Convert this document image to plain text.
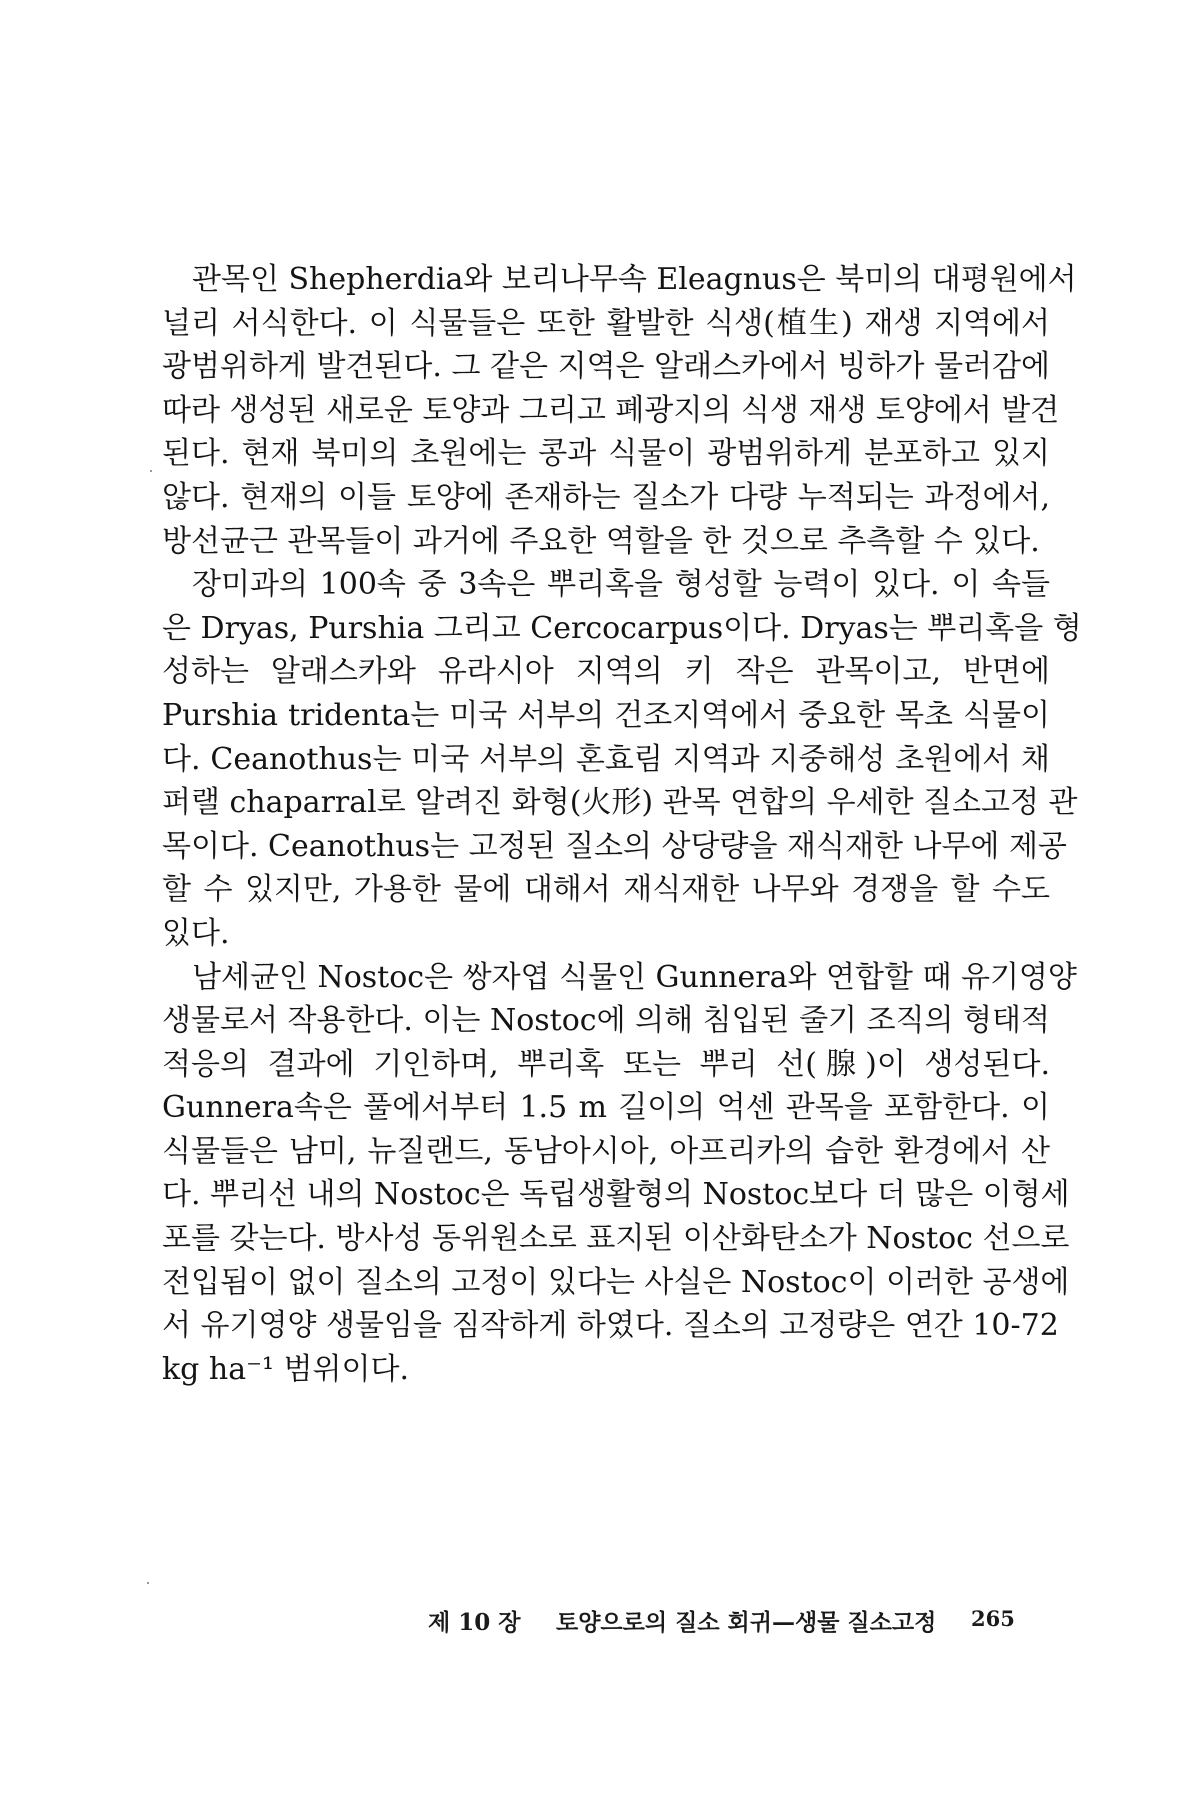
관목인 Shepherdia와 보리나무속 Eleagnus은 북미의 대평원에서
널리 서식한다. 이 식물들은 또한 활발한 식생(植生) 재생 지역에서
광범위하게 발견된다. 그 같은 지역은 알래스카에서 빙하가 물러감에
따라 생성된 새로운 토양과 그리고 폐광지의 식생 재생 토양에서 발견
된다. 현재 북미의 초원에는 콩과 식물이 광범위하게 분포하고 있지
않다. 현재의 이들 토양에 존재하는 질소가 다량 누적되는 과정에서,
방선균근 관목들이 과거에 주요한 역할을 한 것으로 추측할 수 있다.

장미과의 100속 중 3속은 뿌리혹을 형성할 능력이 있다. 이 속들
은 Dryas, Purshia 그리고 Cercocarpus이다. Dryas는 뿌리혹을 형
성하는 알래스카와 유라시아 지역의 키 작은 관목이고, 반면에
Purshia tridenta는 미국 서부의 건조지역에서 중요한 목초 식물이
다. Ceanothus는 미국 서부의 혼효림 지역과 지중해성 초원에서 채
퍼랠 chaparral로 알려진 화형(火形) 관목 연합의 우세한 질소고정 관
목이다. Ceanothus는 고정된 질소의 상당량을 재식재한 나무에 제공
할 수 있지만, 가용한 물에 대해서 재식재한 나무와 경쟁을 할 수도
있다.

남세균인 Nostoc은 쌍자엽 식물인 Gunnera와 연합할 때 유기영양
생물로서 작용한다. 이는 Nostoc에 의해 침입된 줄기 조직의 형태적
적응의 결과에 기인하며, 뿌리혹 또는 뿌리 선(腺)이 생성된다.
Gunnera속은 풀에서부터 1.5 m 길이의 억센 관목을 포함한다. 이
식물들은 남미, 뉴질랜드, 동남아시아, 아프리카의 습한 환경에서 산
다. 뿌리선 내의 Nostoc은 독립생활형의 Nostoc보다 더 많은 이형세
포를 갖는다. 방사성 동위원소로 표지된 이산화탄소가 Nostoc 선으로
전입됨이 없이 질소의 고정이 있다는 사실은 Nostoc이 이러한 공생에
서 유기영양 생물임을 짐작하게 하였다. 질소의 고정량은 연간 10-72
kg ha⁻¹ 범위이다.

제 10 장 토양으로의 질소 회귀—생물 질소고정 265
